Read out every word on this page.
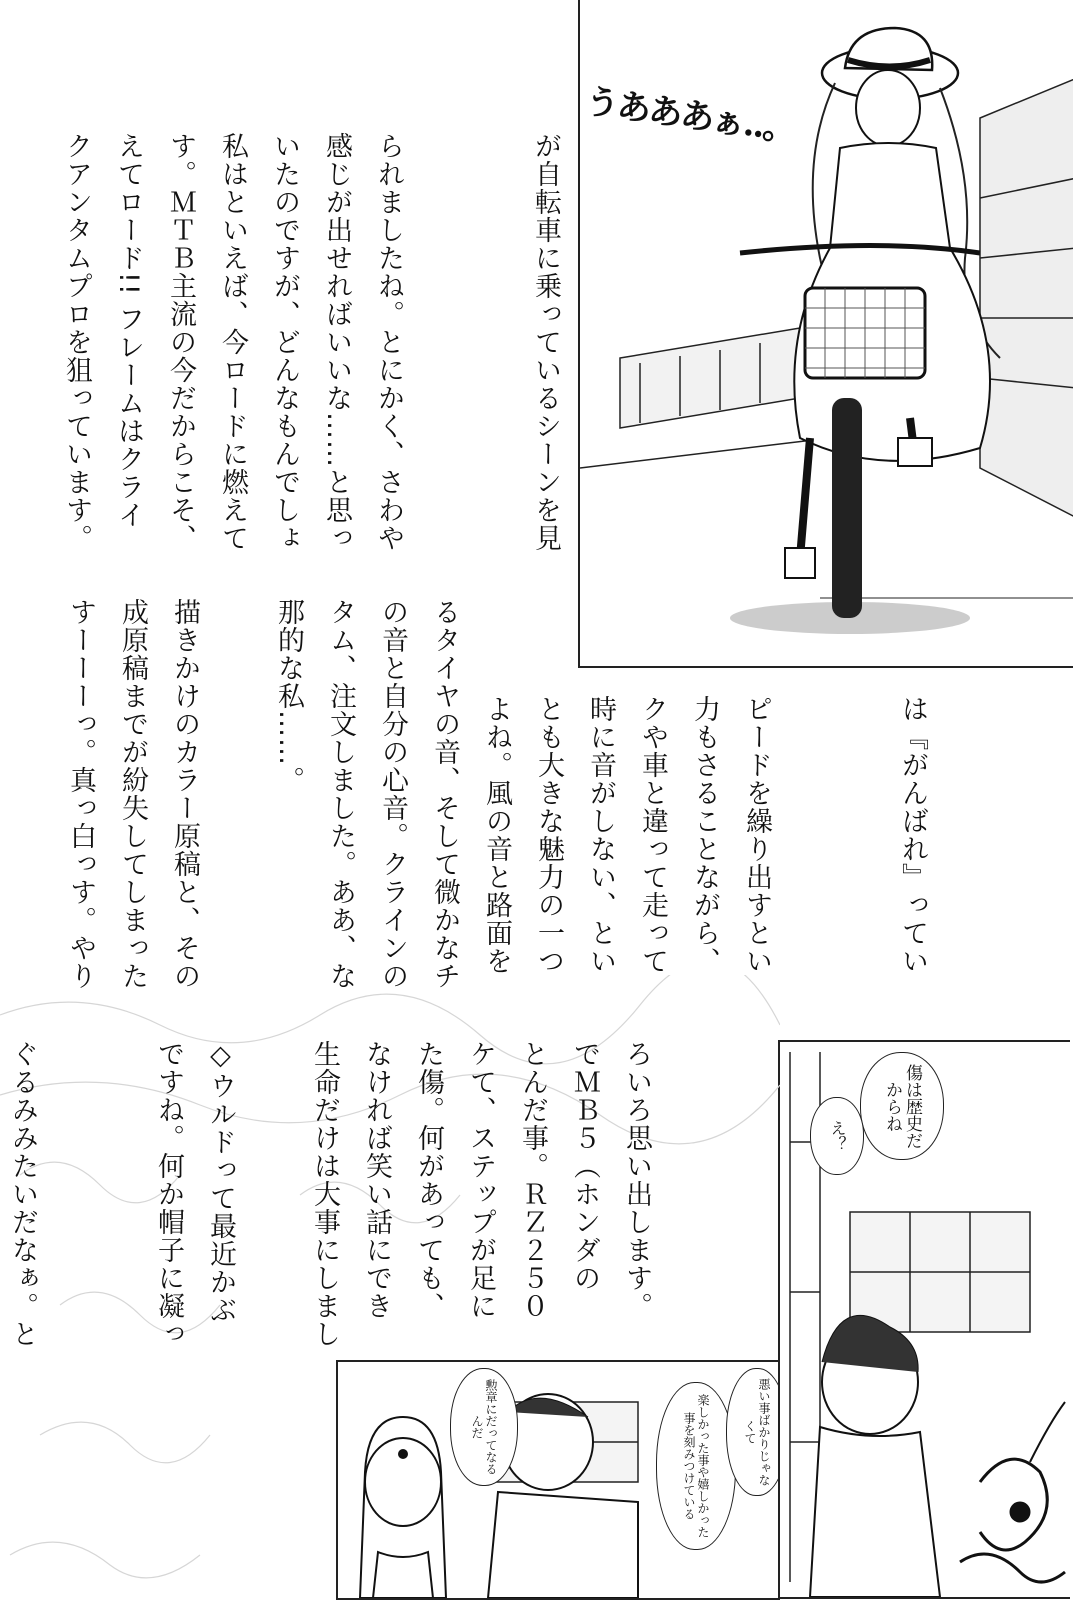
うあああぁ..。
傷は歴史だからね
え？
勲章にだってなるんだ	楽しかった事や嬉しかった事を刻みつけている	悪い事ばかりじゃなくて
が自転車に乗っているシーンを見

られましたね。とにかく、さわや
感じが出せればいいな……と思っ
いたのですが、どんなもんでしょ
私はといえば、今ロードに燃えて
す。ＭＴＢ主流の今だからこそ、
えてロード!! フレームはクライ
クアンタムプロを狙っています。

は『がんばれ』ってい

ピードを繰り出すとい
力もさることながら、
クや車と違って走って
時に音がしない、とい
とも大きな魅力の一つ
よね。風の音と路面を
るタイヤの音、そして微かなチ
の音と自分の心音。クラインの
タム、注文しました。ああ、な
那的な私……。

描きかけのカラー原稿と、その
成原稿までが紛失してしまった
すーーーっ。真っ白っす。やり

ろいろ思い出します。
でＭＢ５（ホンダの
とんだ事。ＲＺ２５０
ケて、ステップが足に
た傷。何があっても、
なければ笑い話にでき
生命だけは大事にしまし

◇ウルドって最近かぶ
ですね。何か帽子に凝っ

ぐるみみたいだなぁ。と
